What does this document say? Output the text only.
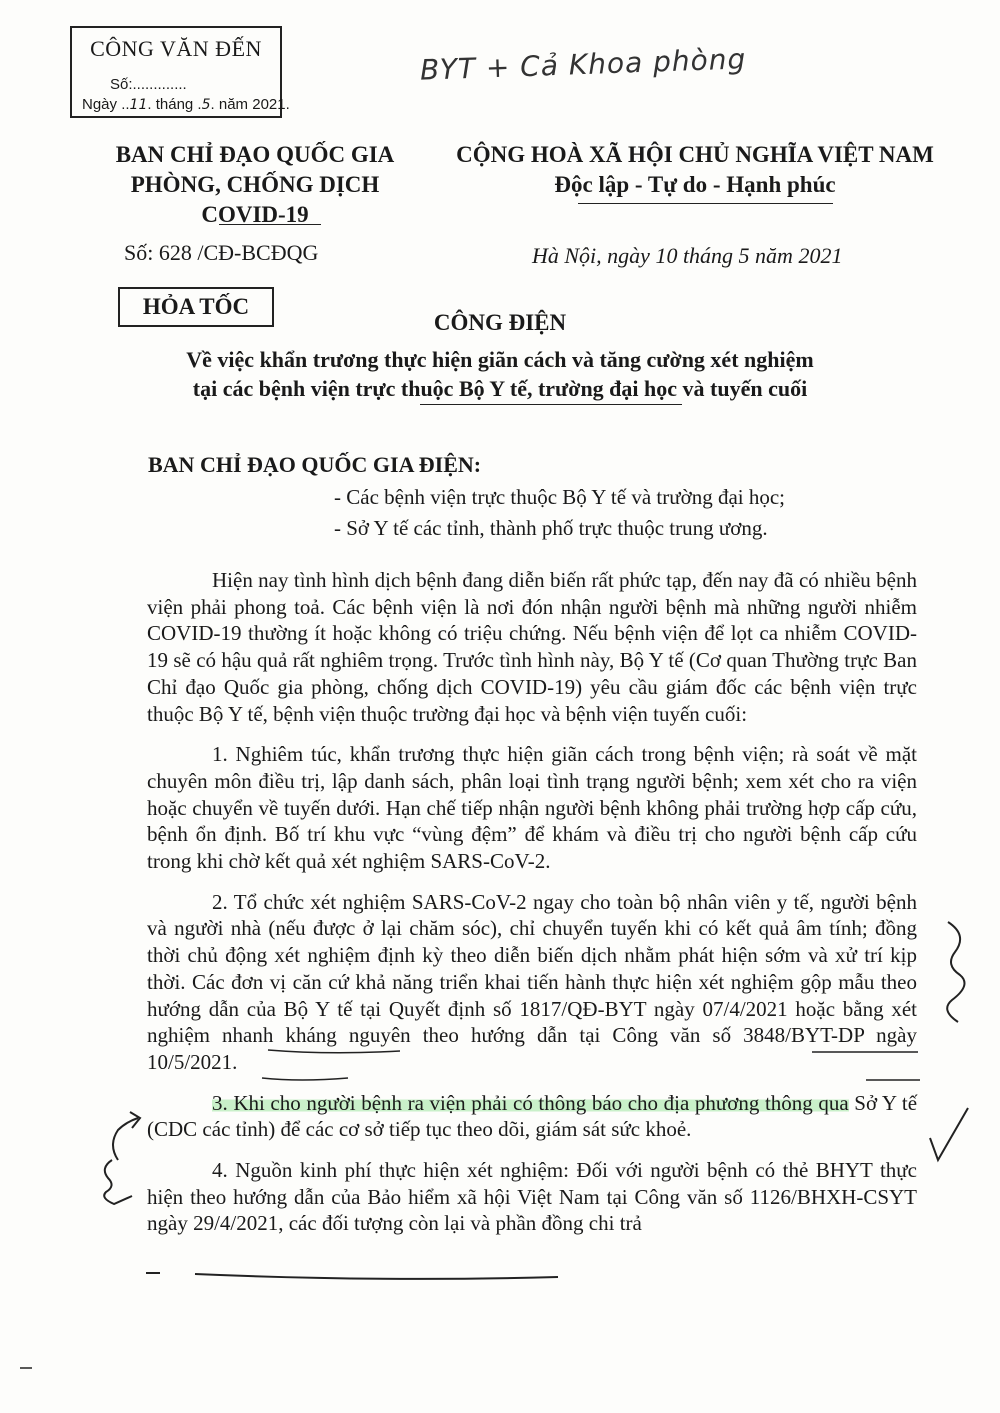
CÔNG VĂN ĐẾN
Số:.............
Ngày ..11. tháng .5. năm 2021.
BYT + Cả Khoa phòng
BAN CHỈ ĐẠO QUỐC GIA
PHÒNG, CHỐNG DỊCH
COVID-19
CỘNG HOÀ XÃ HỘI CHỦ NGHĨA VIỆT NAM
Độc lập - Tự do - Hạnh phúc
Số: 628 /CĐ-BCĐQG	Hà Nội, ngày 10 tháng 5 năm 2021
HỎA TỐC
CÔNG ĐIỆN
Về việc khẩn trương thực hiện giãn cách và tăng cường xét nghiệm
tại các bệnh viện trực thuộc Bộ Y tế, trường đại học và tuyến cuối
BAN CHỈ ĐẠO QUỐC GIA ĐIỆN:
- Các bệnh viện trực thuộc Bộ Y tế và trường đại học;
- Sở Y tế các tỉnh, thành phố trực thuộc trung ương.

Hiện nay tình hình dịch bệnh đang diễn biến rất phức tạp, đến nay đã có nhiều bệnh viện phải phong toả. Các bệnh viện là nơi đón nhận người bệnh mà những người nhiễm COVID-19 thường ít hoặc không có triệu chứng. Nếu bệnh viện để lọt ca nhiễm COVID-19 sẽ có hậu quả rất nghiêm trọng. Trước tình hình này, Bộ Y tế (Cơ quan Thường trực Ban Chỉ đạo Quốc gia phòng, chống dịch COVID-19) yêu cầu giám đốc các bệnh viện trực thuộc Bộ Y tế, bệnh viện thuộc trường đại học và bệnh viện tuyến cuối:

1. Nghiêm túc, khẩn trương thực hiện giãn cách trong bệnh viện; rà soát về mặt chuyên môn điều trị, lập danh sách, phân loại tình trạng người bệnh; xem xét cho ra viện hoặc chuyển về tuyến dưới. Hạn chế tiếp nhận người bệnh không phải trường hợp cấp cứu, bệnh ổn định. Bố trí khu vực “vùng đệm” để khám và điều trị cho người bệnh cấp cứu trong khi chờ kết quả xét nghiệm SARS-CoV-2.

2. Tổ chức xét nghiệm SARS-CoV-2 ngay cho toàn bộ nhân viên y tế, người bệnh và người nhà (nếu được ở lại chăm sóc), chỉ chuyển tuyến khi có kết quả âm tính; đồng thời chủ động xét nghiệm định kỳ theo diễn biến dịch nhằm phát hiện sớm và xử trí kịp thời. Các đơn vị căn cứ khả năng triển khai tiến hành thực hiện xét nghiệm gộp mẫu theo hướng dẫn của Bộ Y tế tại Quyết định số 1817/QĐ-BYT ngày 07/4/2021 hoặc bằng xét nghiệm nhanh kháng nguyên theo hướng dẫn tại Công văn số 3848/BYT-DP ngày 10/5/2021.

3. Khi cho người bệnh ra viện phải có thông báo cho địa phương thông qua Sở Y tế (CDC các tỉnh) để các cơ sở tiếp tục theo dõi, giám sát sức khoẻ.

4. Nguồn kinh phí thực hiện xét nghiệm: Đối với người bệnh có thẻ BHYT thực hiện theo hướng dẫn của Bảo hiểm xã hội Việt Nam tại Công văn số 1126/BHXH-CSYT ngày 29/4/2021, các đối tượng còn lại và phần đồng chi trả
